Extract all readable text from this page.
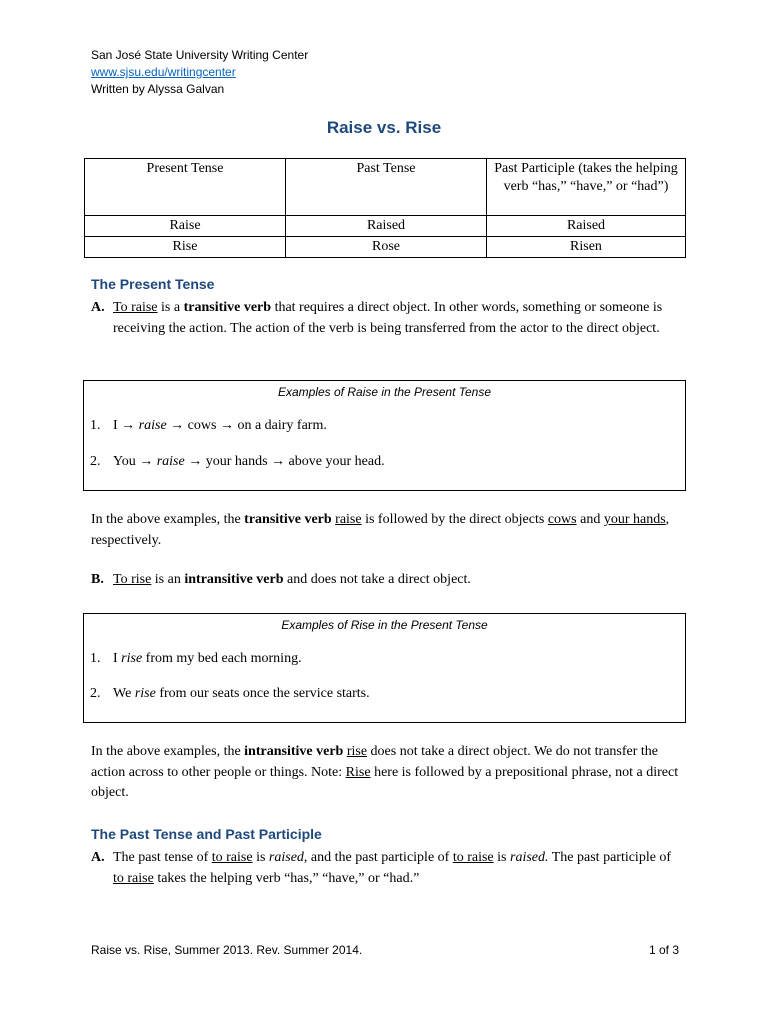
San José State University Writing Center
www.sjsu.edu/writingcenter
Written by Alyssa Galvan
Raise vs. Rise
Present Tense	Past Tense	Past Participle (takes the helping verb “has,” “have,” or “had”)
Raise	Raised	Raised
Rise	Rose	Risen
The Present Tense
A. To raise is a transitive verb that requires a direct object. In other words, something or someone is receiving the action. The action of the verb is being transferred from the actor to the direct object.
Examples of Raise in the Present Tense
1. I → raise → cows → on a dairy farm.
2. You → raise → your hands → above your head.
In the above examples, the transitive verb raise is followed by the direct objects cows and your hands, respectively.
B. To rise is an intransitive verb and does not take a direct object.
Examples of Rise in the Present Tense
1. I rise from my bed each morning.
2. We rise from our seats once the service starts.
In the above examples, the intransitive verb rise does not take a direct object. We do not transfer the action across to other people or things. Note: Rise here is followed by a prepositional phrase, not a direct object.
The Past Tense and Past Participle
A. The past tense of to raise is raised, and the past participle of to raise is raised. The past participle of to raise takes the helping verb “has,” “have,” or “had.”
Raise vs. Rise, Summer 2013. Rev. Summer 2014.	1 of 3
